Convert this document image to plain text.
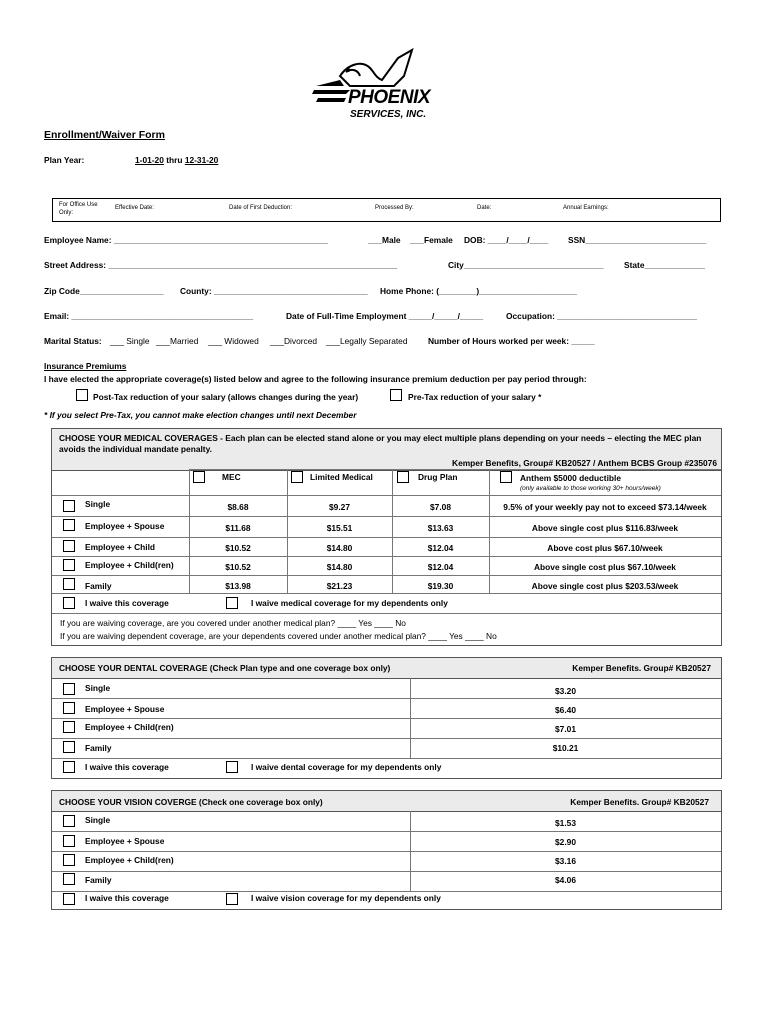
PHOENIX
SERVICES, INC.
Enrollment/Waiver Form
Plan Year:	1-01-20 thru 12-31-20
For Office Use Only:
Effective Date:	Date of First Deduction:	Processed By:	Date:	Annual Earnings:
Employee Name: ______________________________________________	___Male ___Female DOB: ____/____/____ SSN__________________________
Street Address: ______________________________________________________________	City______________________________ State_____________
Zip Code__________________ County: _________________________________ Home Phone: (________)_____________________
Email: _______________________________________	Date of Full-Time Employment _____/_____/_____	Occupation: ______________________________
Marital Status: ___ Single ___Married ___ Widowed ___Divorced ___Legally Separated Number of Hours worked per week: _____
Insurance Premiums
I have elected the appropriate coverage(s) listed below and agree to the following insurance premium deduction per pay period through:
Post-Tax reduction of your salary (allows changes during the year)	Pre-Tax reduction of your salary *
* If you select Pre-Tax, you cannot make election changes until next December
CHOOSE YOUR MEDICAL COVERAGES - Each plan can be elected stand alone or you may elect multiple plans depending on your needs – electing the MEC plan avoids the individual mandate penalty.
Kemper Benefits, Group# KB20527 / Anthem BCBS Group #235076
MEC	Limited Medical	Drug Plan	Anthem $5000 deductible
(only available to those working 30+ hours/week)
Single	$8.68	$9.27	$7.08	9.5% of your weekly pay not to exceed $73.14/week
Employee + Spouse	$11.68	$15.51	$13.63	Above single cost plus $116.83/week
Employee + Child	$10.52	$14.80	$12.04	Above cost plus $67.10/week
Employee + Child(ren)	$10.52	$14.80	$12.04	Above single cost plus $67.10/week
Family	$13.98	$21.23	$19.30	Above single cost plus $203.53/week
I waive this coverage	I waive medical coverage for my dependents only
If you are waiving coverage, are you covered under another medical plan? ____ Yes ____ No
If you are waiving dependent coverage, are your dependents covered under another medical plan? ____ Yes ____ No
CHOOSE YOUR DENTAL COVERAGE (Check Plan type and one coverage box only)	Kemper Benefits. Group# KB20527
Single	$3.20
Employee + Spouse	$6.40
Employee + Child(ren)	$7.01
Family	$10.21
I waive this coverage	I waive dental coverage for my dependents only
CHOOSE YOUR VISION COVERGE (Check one coverage box only)	Kemper Benefits. Group# KB20527
Single	$1.53
Employee + Spouse	$2.90
Employee + Child(ren)	$3.16
Family	$4.06
I waive this coverage	I waive vision coverage for my dependents only
